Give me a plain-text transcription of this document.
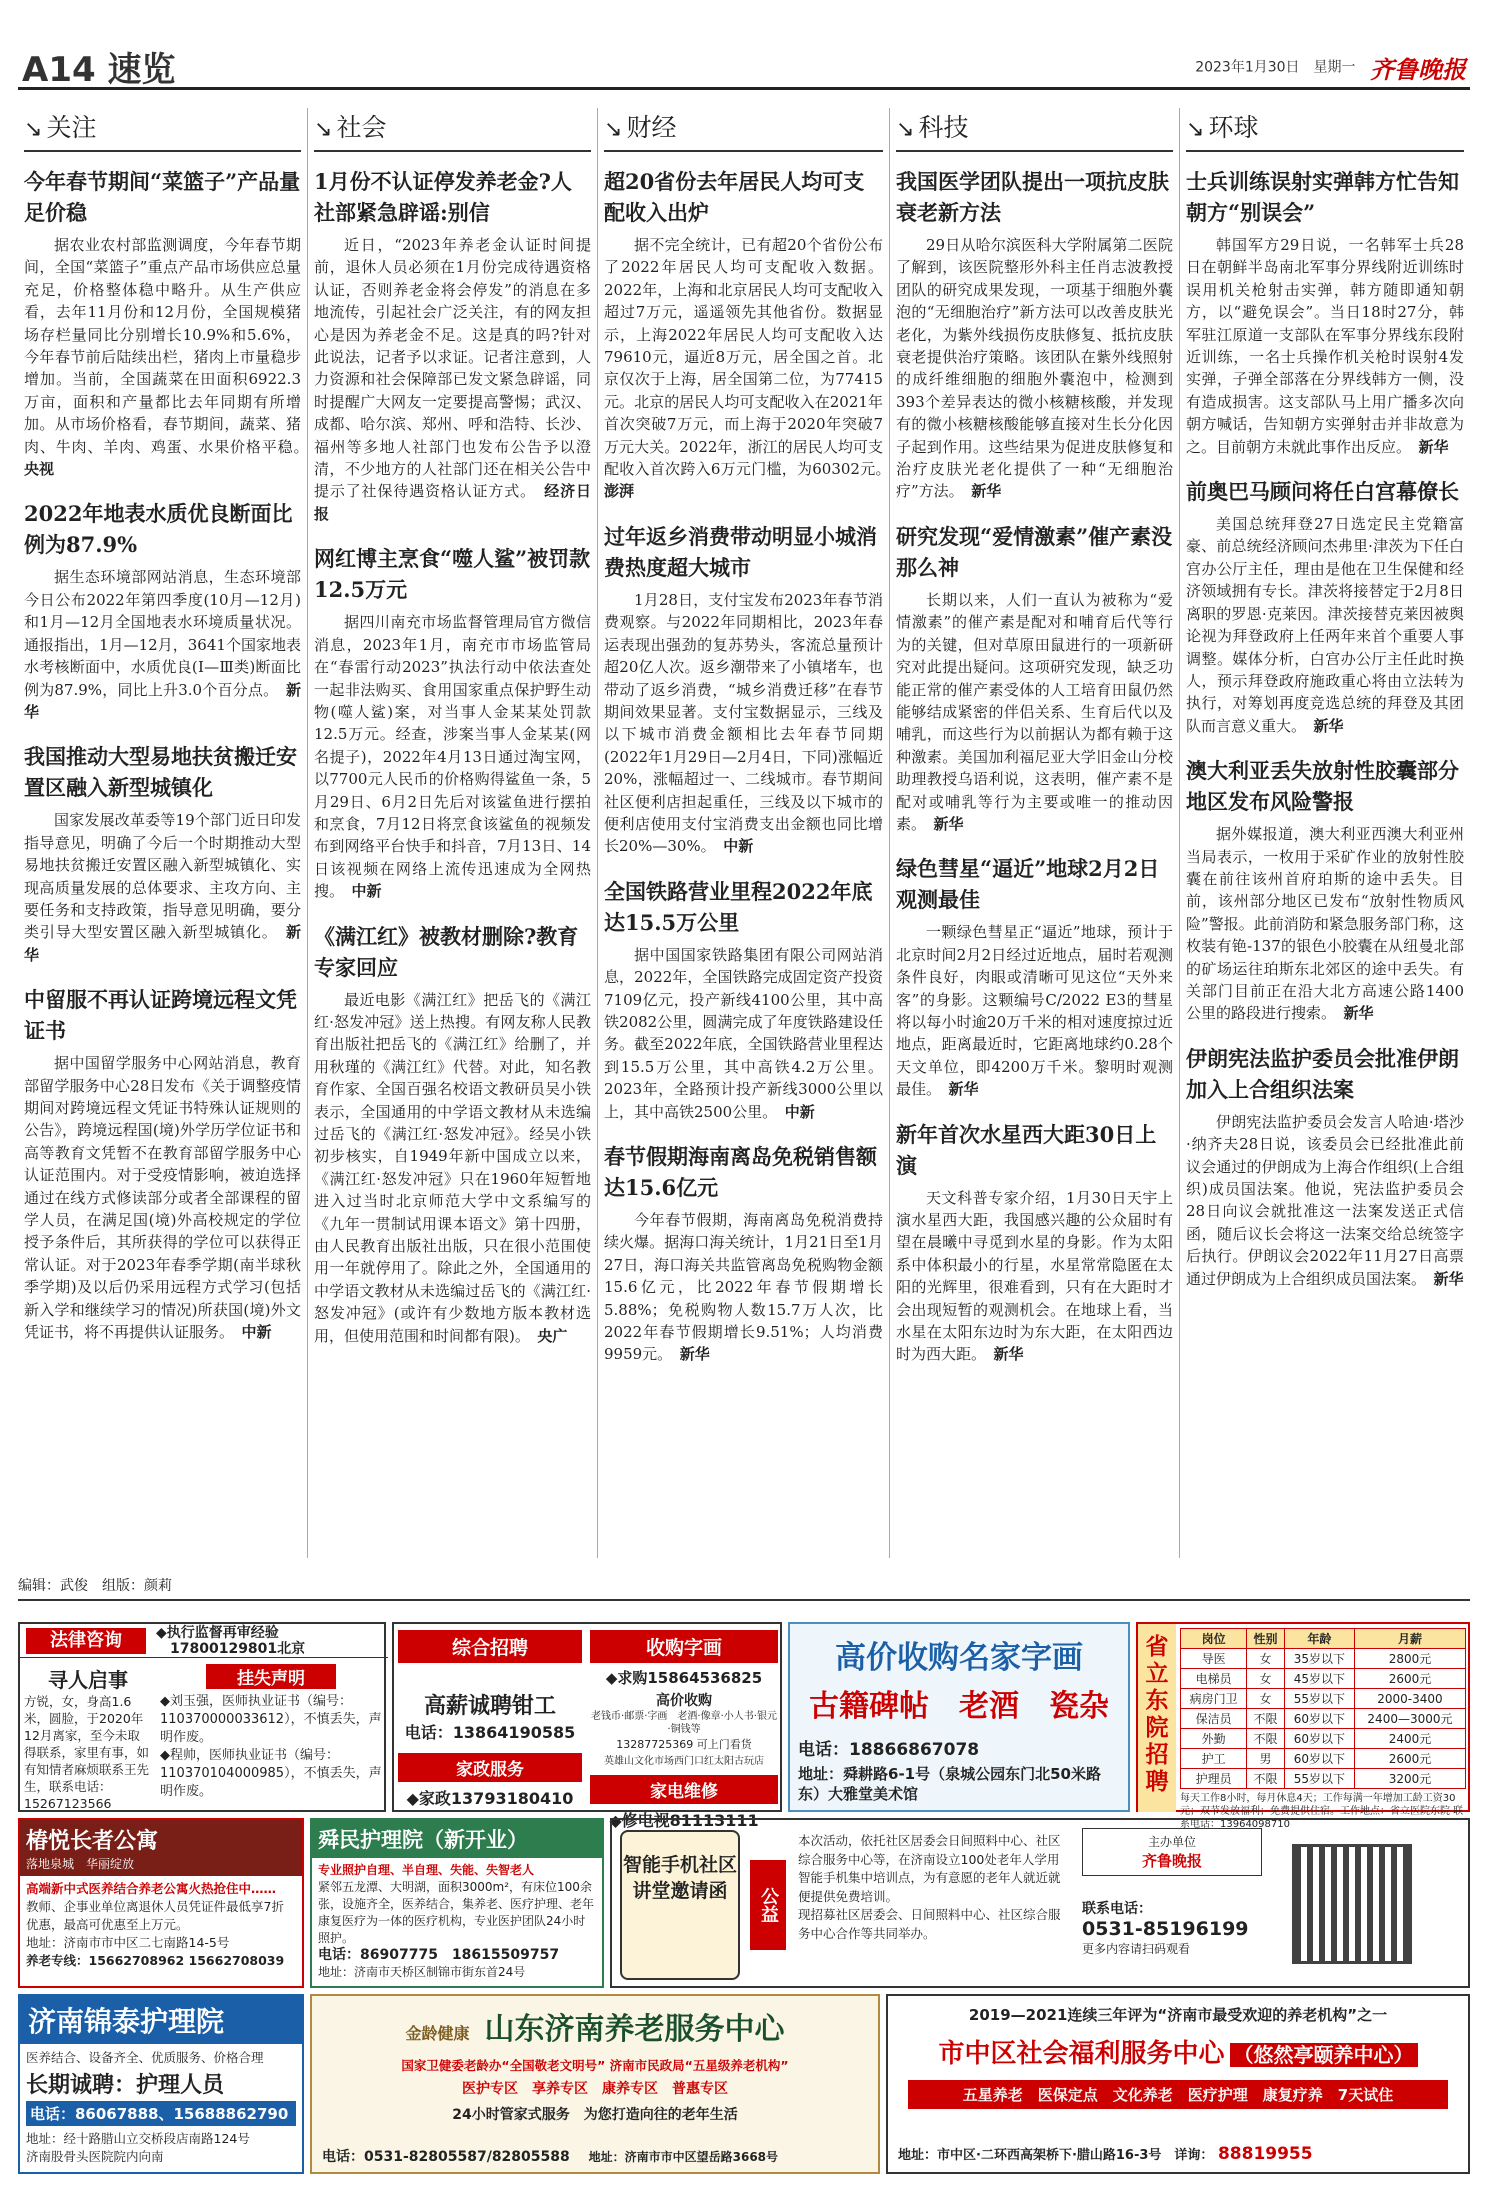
A14 速览	2023年1月30日　星期一 齐鲁晚报
↘ 关注
今年春节期间“菜篮子”产品量足价稳
据农业农村部监测调度，今年春节期间，全国“菜篮子”重点产品市场供应总量充足，价格整体稳中略升。从生产供应看，去年11月份和12月份，全国规模猪场存栏量同比分别增长10.9%和5.6%，今年春节前后陆续出栏，猪肉上市量稳步增加。当前，全国蔬菜在田面积6922.3万亩，面积和产量都比去年同期有所增加。从市场价格看，春节期间，蔬菜、猪肉、牛肉、羊肉、鸡蛋、水果价格平稳。　央视
2022年地表水质优良断面比例为87.9%
据生态环境部网站消息，生态环境部今日公布2022年第四季度(10月—12月)和1月—12月全国地表水环境质量状况。通报指出，1月—12月，3641个国家地表水考核断面中，水质优良(Ⅰ—Ⅲ类)断面比例为87.9%，同比上升3.0个百分点。　 新华
我国推动大型易地扶贫搬迁安置区融入新型城镇化
国家发展改革委等19个部门近日印发指导意见，明确了今后一个时期推动大型易地扶贫搬迁安置区融入新型城镇化、实现高质量发展的总体要求、主攻方向、主要任务和支持政策，指导意见明确，要分类引导大型安置区融入新型城镇化。　 新华
中留服不再认证跨境远程文凭证书
据中国留学服务中心网站消息，教育部留学服务中心28日发布《关于调整疫情期间对跨境远程文凭证书特殊认证规则的公告》，跨境远程国(境)外学历学位证书和高等教育文凭暂不在教育部留学服务中心认证范围内。对于受疫情影响，被迫选择通过在线方式修读部分或者全部课程的留学人员，在满足国(境)外高校规定的学位授予条件后，其所获得的学位可以获得正常认证。对于2023年春季学期(南半球秋季学期)及以后仍采用远程方式学习(包括新入学和继续学习的情况)所获国(境)外文凭证书，将不再提供认证服务。　 中新
↘ 社会
1月份不认证停发养老金?人社部紧急辟谣:别信
近日，“2023年养老金认证时间提前，退休人员必须在1月份完成待遇资格认证，否则养老金将会停发”的消息在多地流传，引起社会广泛关注，有的网友担心是因为养老金不足。这是真的吗?针对此说法，记者予以求证。记者注意到，人力资源和社会保障部已发文紧急辟谣，同时提醒广大网友一定要提高警惕；武汉、成都、哈尔滨、郑州、呼和浩特、长沙、福州等多地人社部门也发布公告予以澄清，不少地方的人社部门还在相关公告中提示了社保待遇资格认证方式。　 经济日报
网红博主烹食“噬人鲨”被罚款12.5万元
据四川南充市场监督管理局官方微信消息，2023年1月，南充市市场监管局在“春雷行动2023”执法行动中依法查处一起非法购买、食用国家重点保护野生动物(噬人鲨)案，对当事人金某某处罚款12.5万元。经查，涉案当事人金某某(网名提子)，2022年4月13日通过淘宝网，以7700元人民币的价格购得鲨鱼一条，5月29日、6月2日先后对该鲨鱼进行摆拍和烹食，7月12日将烹食该鲨鱼的视频发布到网络平台快手和抖音，7月13日、14日该视频在网络上流传迅速成为全网热搜。　 中新
《满江红》被教材删除?教育专家回应
最近电影《满江红》把岳飞的《满江红·怒发冲冠》送上热搜。有网友称人民教育出版社把岳飞的《满江红》给删了，并用秋瑾的《满江红》代替。对此，知名教育作家、全国百强名校语文教研员吴小铁表示，全国通用的中学语文教材从未选编过岳飞的《满江红·怒发冲冠》。经吴小铁初步核实，自1949年新中国成立以来，《满江红·怒发冲冠》只在1960年短暂地进入过当时北京师范大学中文系编写的《九年一贯制试用课本语文》第十四册，由人民教育出版社出版，只在很小范围使用一年就停用了。除此之外，全国通用的中学语文教材从未选编过岳飞的《满江红·怒发冲冠》(或许有少数地方版本教材选用，但使用范围和时间都有限)。　 央广
↘ 财经
超20省份去年居民人均可支配收入出炉
据不完全统计，已有超20个省份公布了2022年居民人均可支配收入数据。2022年，上海和北京居民人均可支配收入超过7万元，遥遥领先其他省份。数据显示，上海2022年居民人均可支配收入达79610元，逼近8万元，居全国之首。北京仅次于上海，居全国第二位，为77415元。北京的居民人均可支配收入在2021年首次突破7万元，而上海于2020年突破7万元大关。2022年，浙江的居民人均可支配收入首次跨入6万元门槛，为60302元。　澎湃
过年返乡消费带动明显小城消费热度超大城市
1月28日，支付宝发布2023年春节消费观察。与2022年同期相比，2023年春运表现出强劲的复苏势头，客流总量预计超20亿人次。返乡潮带来了小镇堵车，也带动了返乡消费，“城乡消费迁移”在春节期间效果显著。支付宝数据显示，三线及以下城市消费金额相比去年春节同期(2022年1月29日—2月4日，下同)涨幅近20%，涨幅超过一、二线城市。春节期间社区便利店担起重任，三线及以下城市的便利店使用支付宝消费支出金额也同比增长20%—30%。　 中新
全国铁路营业里程2022年底达15.5万公里
据中国国家铁路集团有限公司网站消息，2022年，全国铁路完成固定资产投资7109亿元，投产新线4100公里，其中高铁2082公里，圆满完成了年度铁路建设任务。截至2022年底，全国铁路营业里程达到15.5万公里，其中高铁4.2万公里。2023年，全路预计投产新线3000公里以上，其中高铁2500公里。　 中新
春节假期海南离岛免税销售额达15.6亿元
今年春节假期，海南离岛免税消费持续火爆。据海口海关统计，1月21日至1月27日，海口海关共监管离岛免税购物金额15.6亿元，比2022年春节假期增长5.88%；免税购物人数15.7万人次，比2022年春节假期增长9.51%；人均消费9959元。　 新华
↘ 科技
我国医学团队提出一项抗皮肤衰老新方法
29日从哈尔滨医科大学附属第二医院了解到，该医院整形外科主任肖志波教授团队的研究成果发现，一项基于细胞外囊泡的“无细胞治疗”新方法可以改善皮肤光老化，为紫外线损伤皮肤修复、抵抗皮肤衰老提供治疗策略。该团队在紫外线照射的成纤维细胞的细胞外囊泡中，检测到393个差异表达的微小核糖核酸，并发现有的微小核糖核酸能够直接对生长分化因子起到作用。这些结果为促进皮肤修复和治疗皮肤光老化提供了一种“无细胞治疗”方法。　 新华
研究发现“爱情激素”催产素没那么神
长期以来，人们一直认为被称为“爱情激素”的催产素是配对和哺育后代等行为的关键，但对草原田鼠进行的一项新研究对此提出疑问。这项研究发现，缺乏功能正常的催产素受体的人工培育田鼠仍然能够结成紧密的伴侣关系、生育后代以及哺乳，而这些行为以前据认为都有赖于这种激素。美国加利福尼亚大学旧金山分校助理教授乌语利说，这表明，催产素不是配对或哺乳等行为主要或唯一的推动因素。　 新华
绿色彗星“逼近”地球2月2日观测最佳
一颗绿色彗星正“逼近”地球，预计于北京时间2月2日经过近地点，届时若观测条件良好，肉眼或清晰可见这位“天外来客”的身影。这颗编号C/2022 E3的彗星将以每小时逾20万千米的相对速度掠过近地点，距离最近时，它距离地球约0.28个天文单位，即4200万千米。黎明时观测最佳。　 新华
新年首次水星西大距30日上演
天文科普专家介绍，1月30日天宇上演水星西大距，我国感兴趣的公众届时有望在晨曦中寻觅到水星的身影。作为太阳系中体积最小的行星，水星常常隐匿在太阳的光辉里，很难看到，只有在大距时才会出现短暂的观测机会。在地球上看，当水星在太阳东边时为东大距，在太阳西边时为西大距。　 新华
↘ 环球
士兵训练误射实弹韩方忙告知朝方“别误会”
韩国军方29日说，一名韩军士兵28日在朝鲜半岛南北军事分界线附近训练时误用机关枪射击实弹，韩方随即通知朝方，以“避免误会”。当日18时27分，韩军驻江原道一支部队在军事分界线东段附近训练，一名士兵操作机关枪时误射4发实弹，子弹全部落在分界线韩方一侧，没有造成损害。这支部队马上用广播多次向朝方喊话，告知朝方实弹射击并非故意为之。目前朝方未就此事作出反应。　 新华
前奥巴马顾问将任白宫幕僚长
美国总统拜登27日选定民主党籍富豪、前总统经济顾问杰弗里·津茨为下任白宫办公厅主任，理由是他在卫生保健和经济领域拥有专长。津茨将接替定于2月8日离职的罗恩·克莱因。津茨接替克莱因被舆论视为拜登政府上任两年来首个重要人事调整。媒体分析，白宫办公厅主任此时换人，预示拜登政府施政重心将由立法转为执行，对筹划再度竞选总统的拜登及其团队而言意义重大。　 新华
澳大利亚丢失放射性胶囊部分地区发布风险警报
据外媒报道，澳大利亚西澳大利亚州当局表示，一枚用于采矿作业的放射性胶囊在前往该州首府珀斯的途中丢失。目前，该州部分地区已发布“放射性物质风险”警报。此前消防和紧急服务部门称，这枚装有铯-137的银色小胶囊在从纽曼北部的矿场运往珀斯东北郊区的途中丢失。有关部门目前正在沿大北方高速公路1400公里的路段进行搜索。　 新华
伊朗宪法监护委员会批准伊朗加入上合组织法案
伊朗宪法监护委员会发言人哈迪·塔沙·纳齐夫28日说，该委员会已经批准此前议会通过的伊朗成为上海合作组织(上合组织)成员国法案。他说，宪法监护委员会28日向议会就批准这一法案发送正式信函，随后议长会将这一法案交给总统签字后执行。伊朗议会2022年11月27日高票通过伊朗成为上合组织成员国法案。　 新华
编辑：武俊　组版：颜莉
法律咨询	◆执行监督再审经验
17800129801北京
寻人启事
方锐，女，身高1.6米，圆脸，于2020年12月离家，至今未取得联系，家里有事，如有知情者麻烦联系王先生，联系电话：15267123566
挂失声明
◆刘玉强，医师执业证书（编号：110370000033612），不慎丢失，声明作废。
◆程帅，医师执业证书（编号：110370104000985），不慎丢失，声明作废。
综合招聘
高薪诚聘钳工
电话：13864190585
家政服务
◆家政13793180410
收购字画
◆求购15864536825
高价收购
老钱币·邮票·字画　老酒·像章·小人书·银元·铜钱等
13287725369 可上门看货
英雄山文化市场西门口红太阳古玩店
家电维修
◆修电视81113111
高价收购名家字画
古籍碑帖　老酒　瓷杂
电话：18866867078
地址：舜耕路6-1号（泉城公园东门北50米路东）大雅堂美术馆
省立东院招聘
岗位	性别	年龄	月薪
导医	女	35岁以下	2800元
电梯员	女	45岁以下	2600元
病房门卫	女	55岁以下	2000-3400
保洁员	不限	60岁以下	2400—3000元
外勤	不限	60岁以下	2400元
护工	男	60岁以下	2600元
护理员	不限	55岁以下	3200元
每天工作8小时，每月休息4天；工作每满一年增加工龄工资30元；双节发放福利；免费提供住宿。工作地点：省立医院东院 联系电话：13964098710
椿悦长者公寓
落地泉城　华丽绽放
高端新中式医养结合养老公寓火热抢住中……
教师、企事业单位离退休人员凭证件最低享7折优惠，最高可优惠至上万元。
地址：济南市市中区二七南路14-5号
养老专线：15662708962 15662708039
舜民护理院（新开业）
专业照护自理、半自理、失能、失智老人
紧邻五龙潭、大明湖，面积3000m²，有床位100余张，设施齐全，医养结合，集养老、医疗护理、老年康复医疗为一体的医疗机构，专业医护团队24小时照护。
电话：86907775　18615509757
地址：济南市天桥区制锦市街东首24号
智能手机社区讲堂邀请函	公益
本次活动，依托社区居委会日间照料中心、社区综合服务中心等，在济南设立100处老年人学用智能手机集中培训点，为有意愿的老年人就近就便提供免费培训。
现招募社区居委会、日间照料中心、社区综合服务中心合作等共同举办。
主办单位
齐鲁晚报
联系电话：
0531-85196199
更多内容请扫码观看
济南锦泰护理院
医养结合、设备齐全、优质服务、价格合理
长期诚聘：护理人员
电话：86067888、15688862790
地址：经十路腊山立交桥段店南路124号
济南股骨头医院院内向南
金龄健康 山东济南养老服务中心
国家卫健委老龄办“全国敬老文明号” 济南市民政局“五星级养老机构”
医护专区　享养专区　康养专区　普惠专区
24小时管家式服务　为您打造向往的老年生活
电话：0531-82805587/82805588 地址：济南市市中区望岳路3668号
2019—2021连续三年评为“济南市最受欢迎的养老机构”之一
市中区社会福利服务中心 （悠然亭颐养中心）
五星养老　医保定点　文化养老　医疗护理　康复疗养　7天试住
地址：市中区·二环西高架桥下·腊山路16-3号　详询： 88819955
